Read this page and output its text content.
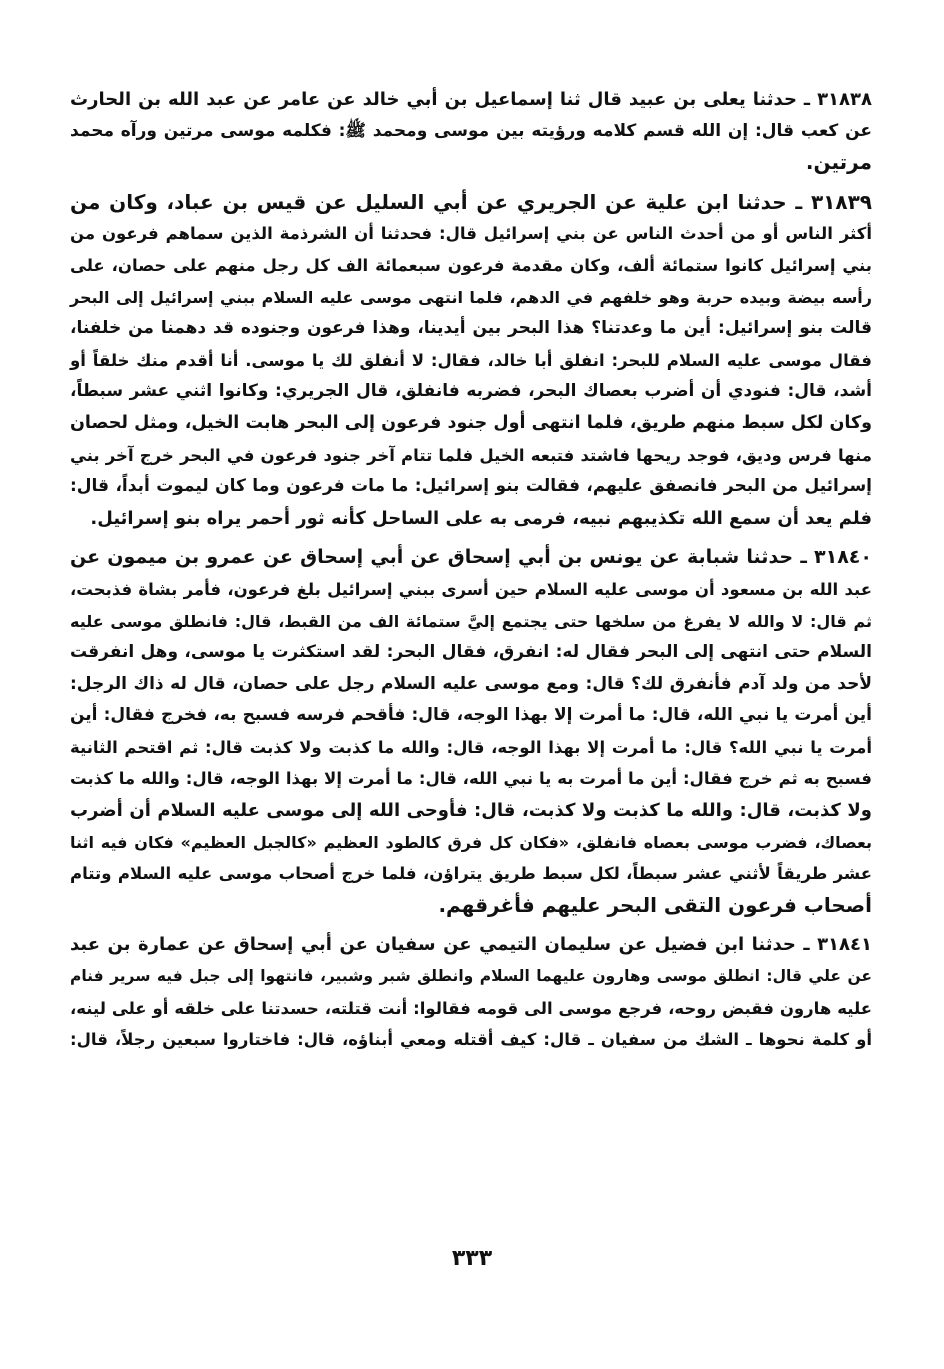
٣١٨٣٨ ـ حدثنا يعلى بن عبيد قال ثنا إسماعيل بن أبي خالد عن عامر عن عبد الله بن الحارث
عن كعب قال: إن الله قسم كلامه ورؤيته بين موسى ومحمد ﷺ: فكلمه موسى مرتين ورآه محمد
مرتين.
٣١٨٣٩ ـ حدثنا ابن علية عن الجريري عن أبي السليل عن قيس بن عباد، وكان من
أكثر الناس أو من أحدث الناس عن بني إسرائيل قال: فحدثنا أن الشرذمة الذين سماهم فرعون من
بني إسرائيل كانوا ستمائة ألف، وكان مقدمة فرعون سبعمائة الف كل رجل منهم على حصان، على
رأسه بيضة وبيده حربة وهو خلفهم في الدهم، فلما انتهى موسى عليه السلام ببني إسرائيل إلى البحر
قالت بنو إسرائيل: أين ما وعدتنا؟ هذا البحر بين أيدينا، وهذا فرعون وجنوده قد دهمنا من خلفنا،
فقال موسى عليه السلام للبحر: انفلق أبا خالد، فقال: لا أنفلق لك يا موسى. أنا أقدم منك خلقاً أو
أشد، قال: فنودي أن أضرب بعصاك البحر، فضربه فانفلق، قال الجريري: وكانوا اثني عشر سبطاً،
وكان لكل سبط منهم طريق، فلما انتهى أول جنود فرعون إلى البحر هابت الخيل، ومثل لحصان
منها فرس وديق، فوجد ريحها فاشتد فتبعه الخيل فلما تتام آخر جنود فرعون في البحر خرج آخر بني
إسرائيل من البحر فانصفق عليهم، فقالت بنو إسرائيل: ما مات فرعون وما كان ليموت أبداً، قال:
فلم يعد أن سمع الله تكذيبهم نبيه، فرمى به على الساحل كأنه ثور أحمر يراه بنو إسرائيل.
٣١٨٤٠ ـ حدثنا شبابة عن يونس بن أبي إسحاق عن أبي إسحاق عن عمرو بن ميمون عن
عبد الله بن مسعود أن موسى عليه السلام حين أسرى ببني إسرائيل بلغ فرعون، فأمر بشاة فذبحت،
ثم قال: لا والله لا يفرغ من سلخها حتى يجتمع إليَّ ستمائة الف من القبط، قال: فانطلق موسى عليه
السلام حتى انتهى إلى البحر فقال له: انفرق، فقال البحر: لقد استكثرت يا موسى، وهل انفرقت
لأحد من ولد آدم فأنفرق لك؟ قال: ومع موسى عليه السلام رجل على حصان، قال له ذاك الرجل:
أين أمرت يا نبي الله، قال: ما أمرت إلا بهذا الوجه، قال: فأقحم فرسه فسبح به، فخرج فقال: أين
أمرت يا نبي الله؟ قال: ما أمرت إلا بهذا الوجه، قال: والله ما كذبت ولا كذبت قال: ثم اقتحم الثانية
فسبح به ثم خرج فقال: أين ما أمرت به يا نبي الله، قال: ما أمرت إلا بهذا الوجه، قال: والله ما كذبت
ولا كذبت، قال: والله ما كذبت ولا كذبت، قال: فأوحى الله إلى موسى عليه السلام أن أضرب
بعصاك، فضرب موسى بعصاه فانفلق، «فكان كل فرق كالطود العظيم «كالجبل العظيم» فكان فيه اثنا
عشر طريقاً لأثني عشر سبطاً، لكل سبط طريق يتراؤن، فلما خرج أصحاب موسى عليه السلام وتتام
أصحاب فرعون التقى البحر عليهم فأغرقهم.
٣١٨٤١ ـ حدثنا ابن فضيل عن سليمان التيمي عن سفيان عن أبي إسحاق عن عمارة بن عبد
عن علي قال: انطلق موسى وهارون عليهما السلام وانطلق شبر وشبير، فانتهوا إلى جبل فيه سرير فنام
عليه هارون فقبض روحه، فرجع موسى الى قومه فقالوا: أنت قتلته، حسدتنا على خلقه أو على لينه،
أو كلمة نحوها ـ الشك من سفيان ـ قال: كيف أقتله ومعي أبناؤه، قال: فاختاروا سبعين رجلاً، قال:
٣٣٣
